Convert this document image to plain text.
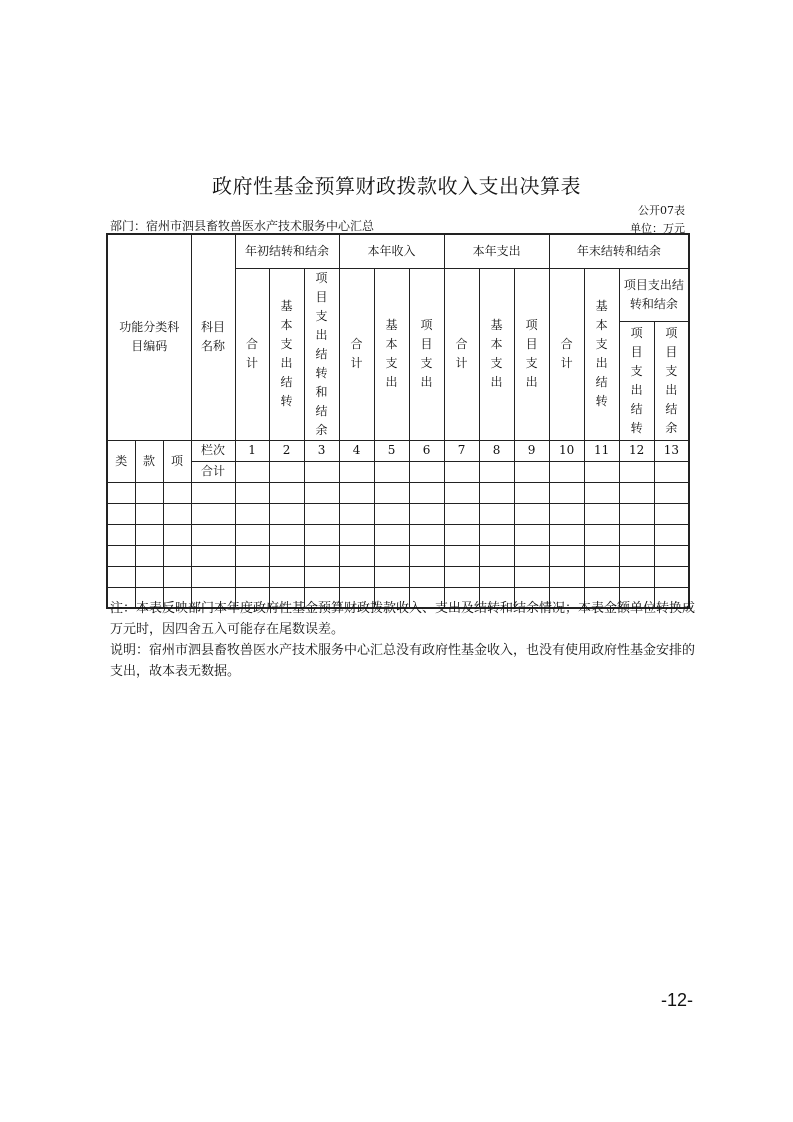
政府性基金预算财政拨款收入支出决算表
公开07表
部门：宿州市泗县畜牧兽医水产技术服务中心汇总	单位：万元
功能分类科目编码			科目名称	年初结转和结余			本年收入			本年支出			年末结转和结余			
				合计	基本支出结转	项目支出结转和结余	合计	基本支出	项目支出	合计	基本支出	项目支出	合计	基本支出结转	项目支出结转和结余	
															项目支出结转	项目支出结余
类	款	项	栏次	1	2	3	4	5	6	7	8	9	10	11	12	13
			合计													

注：本表反映部门本年度政府性基金预算财政拨款收入、支出及结转和结余情况；本表金额单位转换成万元时，因四舍五入可能存在尾数误差。
说明：宿州市泗县畜牧兽医水产技术服务中心汇总没有政府性基金收入，也没有使用政府性基金安排的支出，故本表无数据。
-12-
